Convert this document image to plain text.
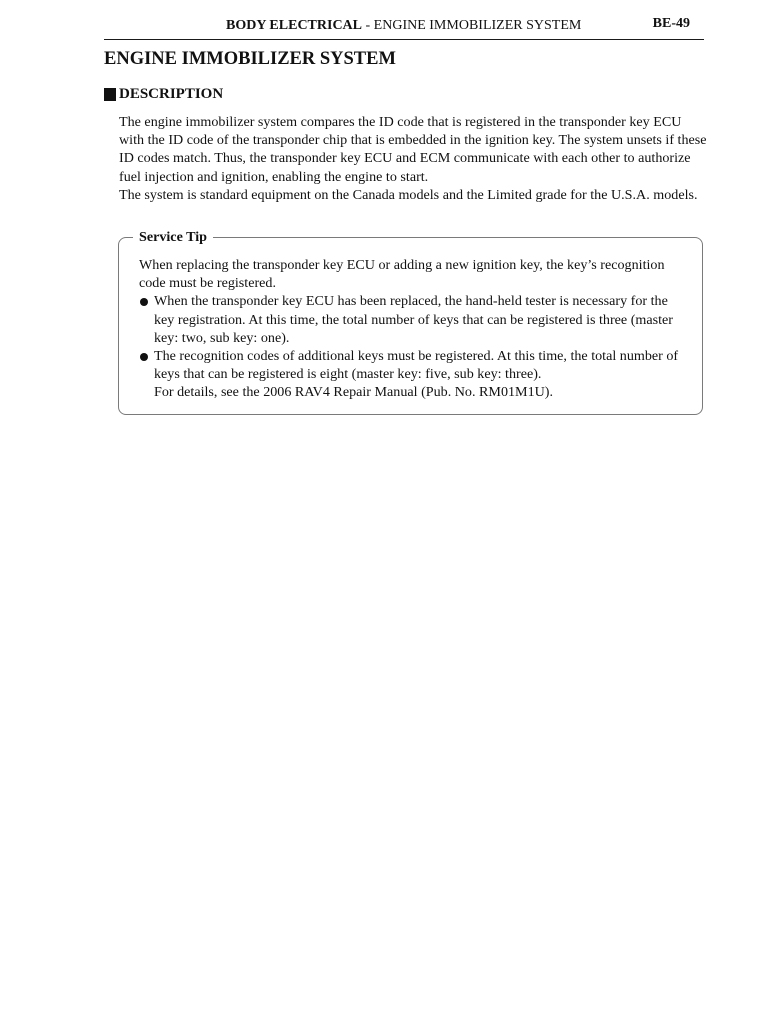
BODY ELECTRICAL - ENGINE IMMOBILIZER SYSTEM	BE-49
ENGINE IMMOBILIZER SYSTEM
DESCRIPTION

The engine immobilizer system compares the ID code that is registered in the transponder key ECU with the ID code of the transponder chip that is embedded in the ignition key. The system unsets if these ID codes match. Thus, the transponder key ECU and ECM communicate with each other to authorize fuel injection and ignition, enabling the engine to start.

The system is standard equipment on the Canada models and the Limited grade for the U.S.A. models.

Service Tip

When replacing the transponder key ECU or adding a new ignition key, the key’s recognition code must be registered.

When the transponder key ECU has been replaced, the hand-held tester is necessary for the key registration. At this time, the total number of keys that can be registered is three (master key: two, sub key: one).

The recognition codes of additional keys must be registered. At this time, the total number of keys that can be registered is eight (master key: five, sub key: three).

For details, see the 2006 RAV4 Repair Manual (Pub. No. RM01M1U).
